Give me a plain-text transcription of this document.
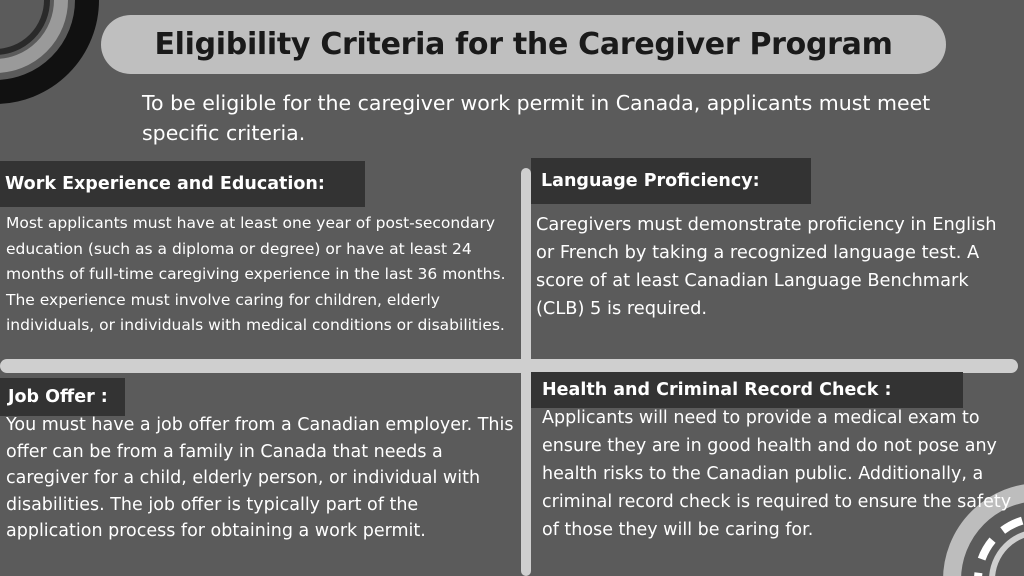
Eligibility Criteria for the Caregiver Program

To be eligible for the caregiver work permit in Canada, applicants must meet specific criteria.

Work Experience and Education:

Most applicants must have at least one year of post-secondary education (such as a diploma or degree) or have at least 24 months of full-time caregiving experience in the last 36 months. The experience must involve caring for children, elderly individuals, or individuals with medical conditions or disabilities.

Language Proficiency:

Caregivers must demonstrate proficiency in English or French by taking a recognized language test. A score of at least Canadian Language Benchmark (CLB) 5 is required.

Job Offer :

You must have a job offer from a Canadian employer. This offer can be from a family in Canada that needs a caregiver for a child, elderly person, or individual with disabilities. The job offer is typically part of the application process for obtaining a work permit.

Health and Criminal Record Check :

Applicants will need to provide a medical exam to ensure they are in good health and do not pose any health risks to the Canadian public. Additionally, a criminal record check is required to ensure the safety of those they will be caring for.
